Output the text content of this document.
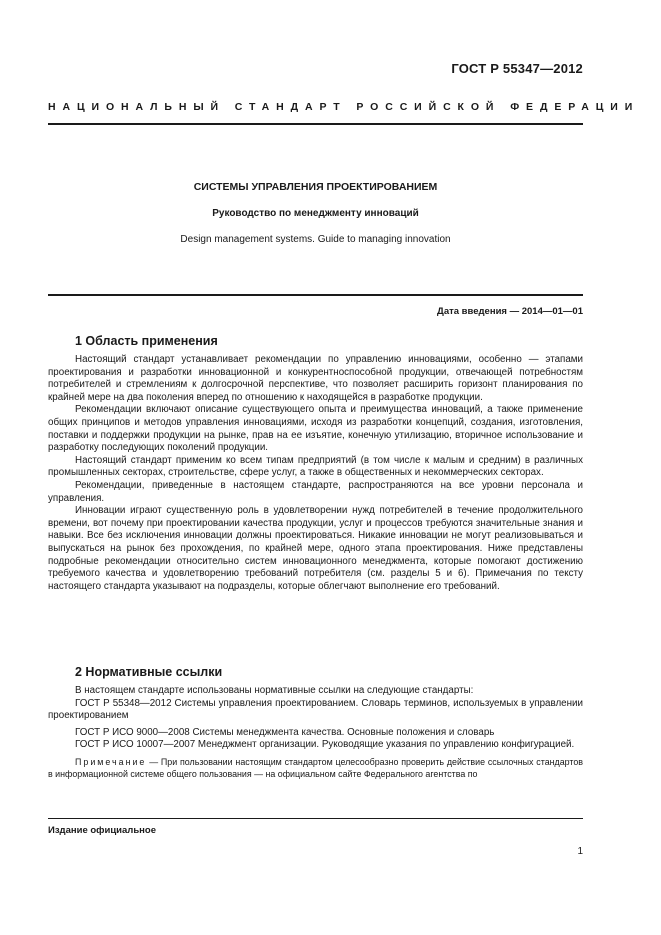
ГОСТ Р 55347—2012
НАЦИОНАЛЬНЫЙ СТАНДАРТ РОССИЙСКОЙ ФЕДЕРАЦИИ
СИСТЕМЫ УПРАВЛЕНИЯ ПРОЕКТИРОВАНИЕМ
Руководство по менеджменту инноваций
Design management systems. Guide to managing innovation
Дата введения — 2014—01—01
1 Область применения

Настоящий стандарт устанавливает рекомендации по управлению инновациями, особенно — этапами проектирования и разработки инновационной и конкурентноспособной продукции, отвечающей потребностям потребителей и стремлениям к долгосрочной перспективе, что позволяет расширить горизонт планирования по крайней мере на два поколения вперед по отношению к находящейся в разработке продукции.

Рекомендации включают описание существующего опыта и преимущества инноваций, а также применение общих принципов и методов управления инновациями, исходя из разработки концепций, создания, изготовления, поставки и поддержки продукции на рынке, прав на ее изъятие, конечную утилизацию, вторичное использование и разработку последующих поколений продукции.

Настоящий стандарт применим ко всем типам предприятий (в том числе к малым и средним) в различных промышленных секторах, строительстве, сфере услуг, а также в общественных и некоммерческих секторах.

Рекомендации, приведенные в настоящем стандарте, распространяются на все уровни персонала и управления.

Инновации играют существенную роль в удовлетворении нужд потребителей в течение продолжительного времени, вот почему при проектировании качества продукции, услуг и процессов требуются значительные знания и навыки. Все без исключения инновации должны проектироваться. Никакие инновации не могут реализовываться и выпускаться на рынок без прохождения, по крайней мере, одного этапа проектирования. Ниже представлены подробные рекомендации относительно систем инновационного менеджмента, которые помогают достижению требуемого качества и удовлетворению требований потребителя (см. разделы 5 и 6). Примечания по тексту настоящего стандарта указывают на подразделы, которые облегчают выполнение его требований.

2 Нормативные ссылки

В настоящем стандарте использованы нормативные ссылки на следующие стандарты:

ГОСТ Р 55348—2012 Системы управления проектированием. Словарь терминов, используемых в управлении проектированием

ГОСТ Р ИСО 9000—2008 Системы менеджмента качества. Основные положения и словарь

ГОСТ Р ИСО 10007—2007 Менеджмент организации. Руководящие указания по управлению конфигурацией.

Примечание — При пользовании настоящим стандартом целесообразно проверить действие ссылочных стандартов в информационной системе общего пользования — на официальном сайте Федерального агентства по

Издание официальное
1
